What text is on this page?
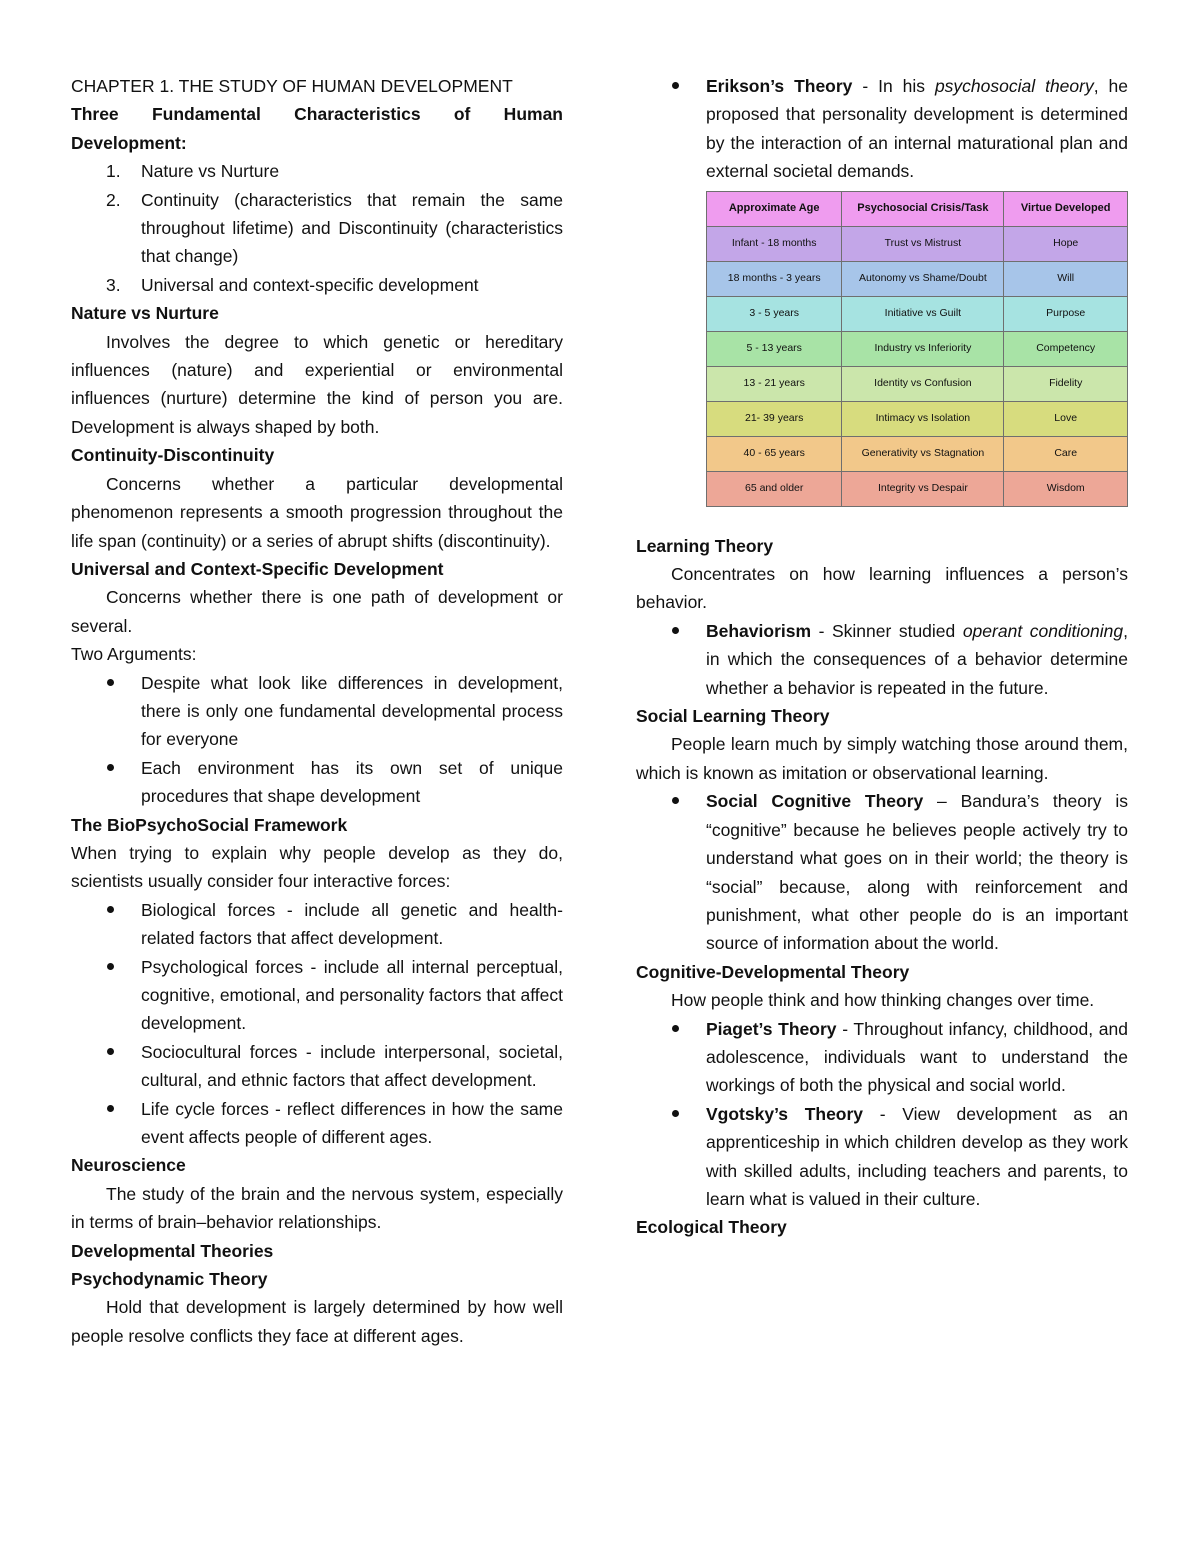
CHAPTER 1. THE STUDY OF HUMAN DEVELOPMENT

Three Fundamental Characteristics of Human Development:

1. Nature vs Nurture
2. Continuity (characteristics that remain the same throughout lifetime) and Discontinuity (characteristics that change)
3. Universal and context-specific development

Nature vs Nurture

Involves the degree to which genetic or hereditary influences (nature) and experiential or environmental influences (nurture) determine the kind of person you are. Development is always shaped by both.

Continuity-Discontinuity

Concerns whether a particular developmental phenomenon represents a smooth progression throughout the life span (continuity) or a series of abrupt shifts (discontinuity).

Universal and Context-Specific Development

Concerns whether there is one path of development or several.

Two Arguments:

Despite what look like differences in development, there is only one fundamental developmental process for everyone
Each environment has its own set of unique procedures that shape development

The BioPsychoSocial Framework

When trying to explain why people develop as they do, scientists usually consider four interactive forces:

Biological forces - include all genetic and health-related factors that affect development.
Psychological forces - include all internal perceptual, cognitive, emotional, and personality factors that affect development.
Sociocultural forces - include interpersonal, societal, cultural, and ethnic factors that affect development.
Life cycle forces - reflect differences in how the same event affects people of different ages.

Neuroscience

The study of the brain and the nervous system, especially in terms of brain–behavior relationships.

Developmental Theories

Psychodynamic Theory

Hold that development is largely determined by how well people resolve conflicts they face at different ages.

Erikson’s Theory - In his psychosocial theory, he proposed that personality development is determined by the interaction of an internal maturational plan and external societal demands.
Approximate Age	Psychosocial Crisis/Task	Virtue Developed
Infant - 18 months	Trust vs Mistrust	Hope
18 months - 3 years	Autonomy vs Shame/Doubt	Will
3 - 5 years	Initiative vs Guilt	Purpose
5 - 13 years	Industry vs Inferiority	Competency
13 - 21 years	Identity vs Confusion	Fidelity
21- 39 years	Intimacy vs Isolation	Love
40 - 65 years	Generativity vs Stagnation	Care
65 and older	Integrity vs Despair	Wisdom

Learning Theory

Concentrates on how learning influences a person’s behavior.

Behaviorism - Skinner studied operant conditioning, in which the consequences of a behavior determine whether a behavior is repeated in the future.

Social Learning Theory

People learn much by simply watching those around them, which is known as imitation or observational learning.

Social Cognitive Theory – Bandura’s theory is “cognitive” because he believes people actively try to understand what goes on in their world; the theory is “social” because, along with reinforcement and punishment, what other people do is an important source of information about the world.

Cognitive-Developmental Theory

How people think and how thinking changes over time.

Piaget’s Theory - Throughout infancy, childhood, and adolescence, individuals want to understand the workings of both the physical and social world.
Vgotsky’s Theory - View development as an apprenticeship in which children develop as they work with skilled adults, including teachers and parents, to learn what is valued in their culture.

Ecological Theory
